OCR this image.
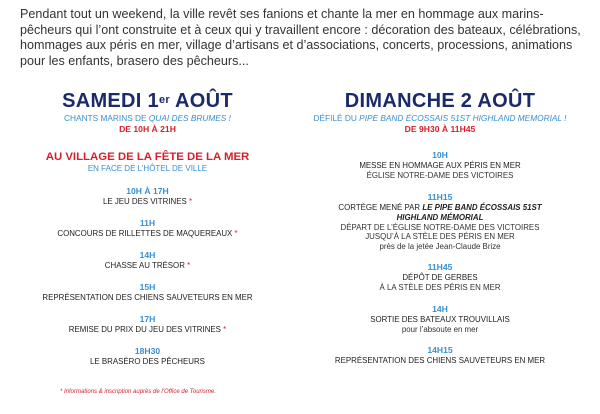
Pendant tout un weekend, la ville revêt ses fanions et chante la mer en hommage aux marins-pêcheurs qui l’ont construite et à ceux qui y travaillent encore : décoration des bateaux, célébrations, hommages aux péris en mer, village d’artisans et d’associations, concerts, processions, animations pour les enfants, brasero des pêcheurs...
SAMEDI 1er AOÛT
CHANTS MARINS DE QUAI DES BRUMES !
DE 10H À 21H
AU VILLAGE DE LA FÊTE DE LA MER
EN FACE DE L’HÔTEL DE VILLE
10H À 17H
LE JEU DES VITRINES *
11H
CONCOURS DE RILLETTES DE MAQUEREAUX *
14H
CHASSE AU TRÉSOR *
15H
REPRÉSENTATION DES CHIENS SAUVETEURS EN MER
17H
REMISE DU PRIX DU JEU DES VITRINES *
18H30
LE BRASÉRO DES PÊCHEURS
* Informations & inscription auprès de l’Office de Tourisme.
DIMANCHE 2 AOÛT
DÉFILÉ DU PIPE BAND ÉCOSSAIS 51ST HIGHLAND MEMORIAL !
DE 9H30 À 11H45
10H
MESSE EN HOMMAGE AUX PÉRIS EN MER
ÉGLISE NOTRE-DAME DES VICTOIRES
11H15
CORTÈGE MENÉ PAR LE PIPE BAND ÉCOSSAIS 51ST HIGHLAND MÉMORIAL
DÉPART DE L’ÉGLISE NOTRE-DAME DES VICTOIRES
JUSQU’À LA STÈLE DES PÉRIS EN MER
près de la jetée Jean-Claude Brize
11H45
DÉPÔT DE GERBES
À LA STÈLE DES PÉRIS EN MER
14H
SORTIE DES BATEAUX TROUVILLAIS
pour l’absoute en mer
14H15
REPRÉSENTATION DES CHIENS SAUVETEURS EN MER
